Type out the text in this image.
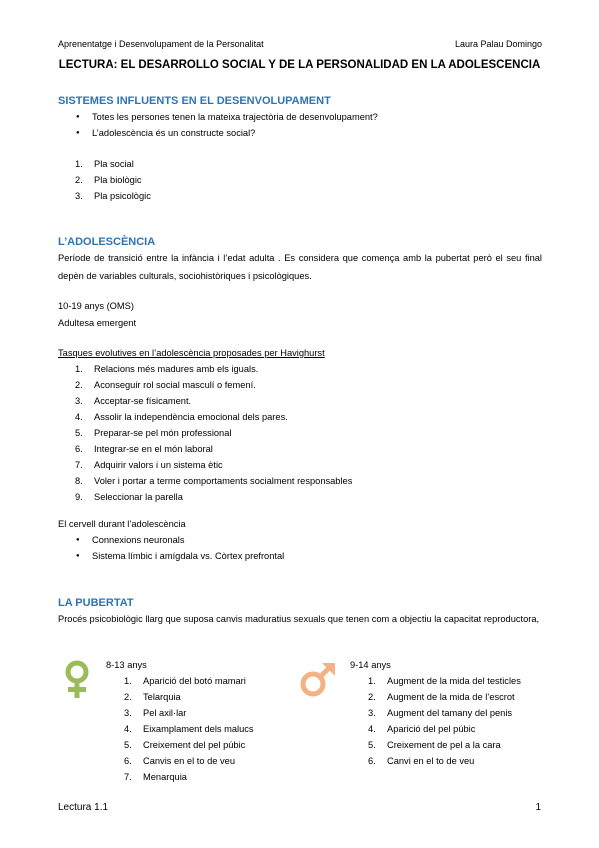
Aprenentatge i Desenvolupament de la Personalitat	Laura Palau Domingo
LECTURA: EL DESARROLLO SOCIAL Y DE LA PERSONALIDAD EN LA ADOLESCENCIA
SISTEMES INFLUENTS EN EL DESENVOLUPAMENT
● Totes les persones tenen la mateixa trajectòria de desenvolupament?
● L’adolescència és un constructe social?
1. Pla social
2. Pla biològic
3. Pla psicològic
L’ADOLESCÈNCIA
Període de transició entre la infància i l’edat adulta . Es considera que comença amb la pubertat però el seu final depèn de variables culturals, sociohistòriques i psicològiques.
10-19 anys (OMS)
Adultesa emergent
Tasques evolutives en l’adolescència proposades per Havighurst
1. Relacions més madures amb els iguals.
2. Aconseguir rol social masculí o femení.
3. Acceptar-se físicament.
4. Assolir la independència emocional dels pares.
5. Preparar-se pel món professional
6. Integrar-se en el món laboral
7. Adquirir valors i un sistema ètic
8. Voler i portar a terme comportaments socialment responsables
9. Seleccionar la parella
El cervell durant l’adolescència
● Connexions neuronals
● Sistema límbic i amígdala vs. Còrtex prefrontal
LA PUBERTAT
Procés psicobiològic llarg que suposa canvis maduratius sexuals que tenen com a objectiu la capacitat reproductora,
8-13 anys
1. Aparició del botó mamari
2. Telarquia
3. Pel axil·lar
4. Eixamplament dels malucs
5. Creixement del pel púbic
6. Canvis en el to de veu
7. Menarquia
9-14 anys
1. Augment de la mida del testicles
2. Augment de la mida de l’escrot
3. Augment del tamany del penis
4. Aparició del pel púbic
5. Creixement de pel a la cara
6. Canvi en el to de veu
Lectura 1.1	1
